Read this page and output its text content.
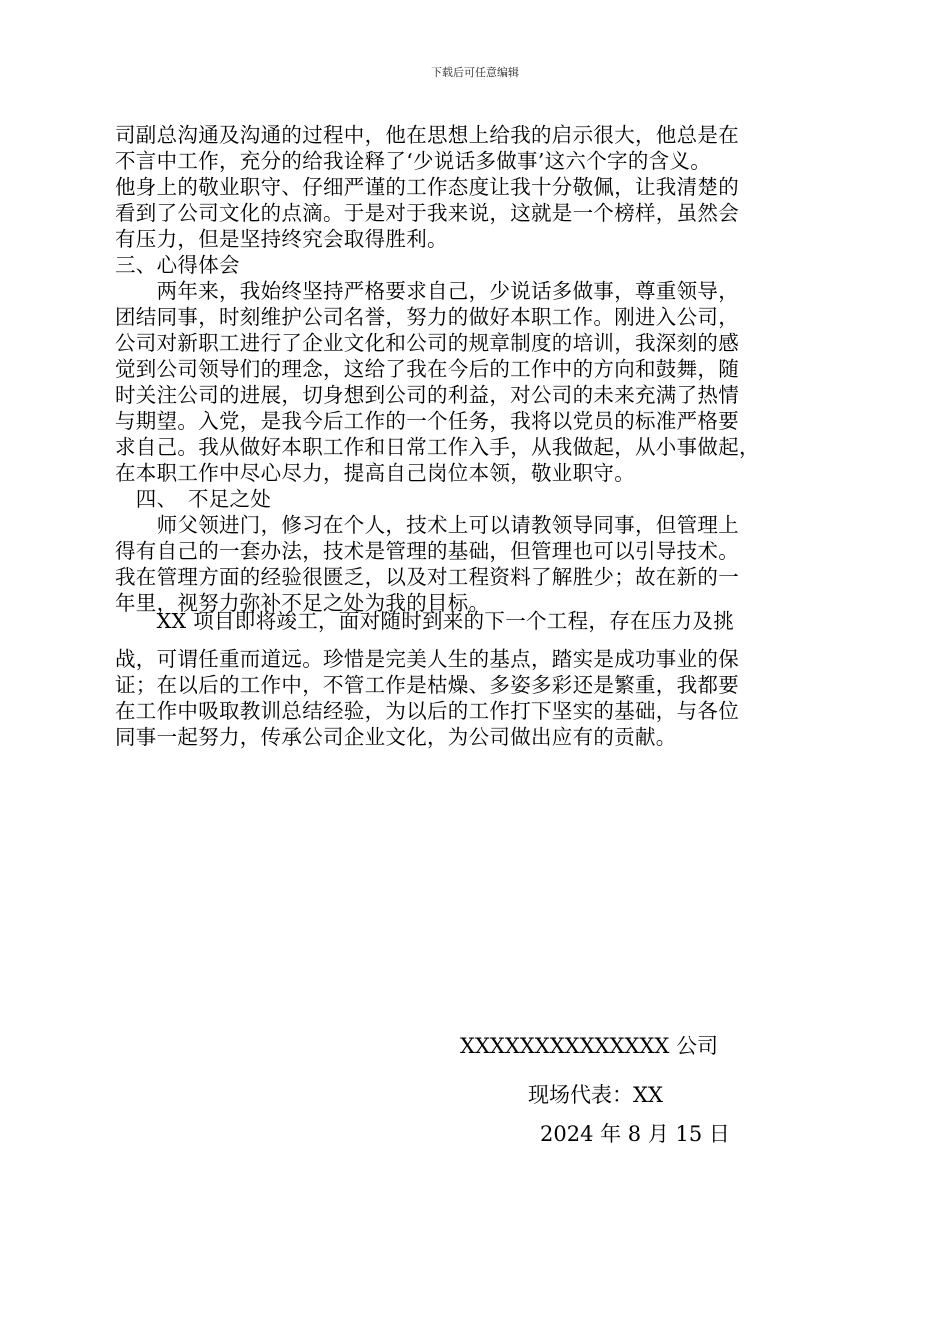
下载后可任意编辑
司副总沟通及沟通的过程中，他在思想上给我的启示很大，他总是在
不言中工作，充分的给我诠释了‘少说话多做事’这六个字的含义。
他身上的敬业职守、仔细严谨的工作态度让我十分敬佩，让我清楚的
看到了公司文化的点滴。于是对于我来说，这就是一个榜样，虽然会
有压力，但是坚持终究会取得胜利。
三、心得体会
　　两年来，我始终坚持严格要求自己，少说话多做事，尊重领导，
团结同事，时刻维护公司名誉，努力的做好本职工作。刚进入公司，
公司对新职工进行了企业文化和公司的规章制度的培训，我深刻的感
觉到公司领导们的理念，这给了我在今后的工作中的方向和鼓舞，随
时关注公司的进展，切身想到公司的利益，对公司的未来充满了热情
与期望。入党，是我今后工作的一个任务，我将以党员的标准严格要
求自己。我从做好本职工作和日常工作入手，从我做起，从小事做起，
在本职工作中尽心尽力，提高自己岗位本领，敬业职守。
　四、　不足之处
　　师父领进门，修习在个人，技术上可以请教领导同事，但管理上
得有自己的一套办法，技术是管理的基础，但管理也可以引导技术。
我在管理方面的经验很匮乏，以及对工程资料了解胜少；故在新的一
年里，视努力弥补不足之处为我的目标。
　　XX 项目即将竣工，面对随时到来的下一个工程，存在压力及挑
战，可谓任重而道远。珍惜是完美人生的基点，踏实是成功事业的保
证；在以后的工作中，不管工作是枯燥、多姿多彩还是繁重，我都要
在工作中吸取教训总结经验，为以后的工作打下坚实的基础，与各位
同事一起努力，传承公司企业文化，为公司做出应有的贡献。
XXXXXXXXXXXXXX 公司
现场代表：XX
2024 年 8 月 15 日
